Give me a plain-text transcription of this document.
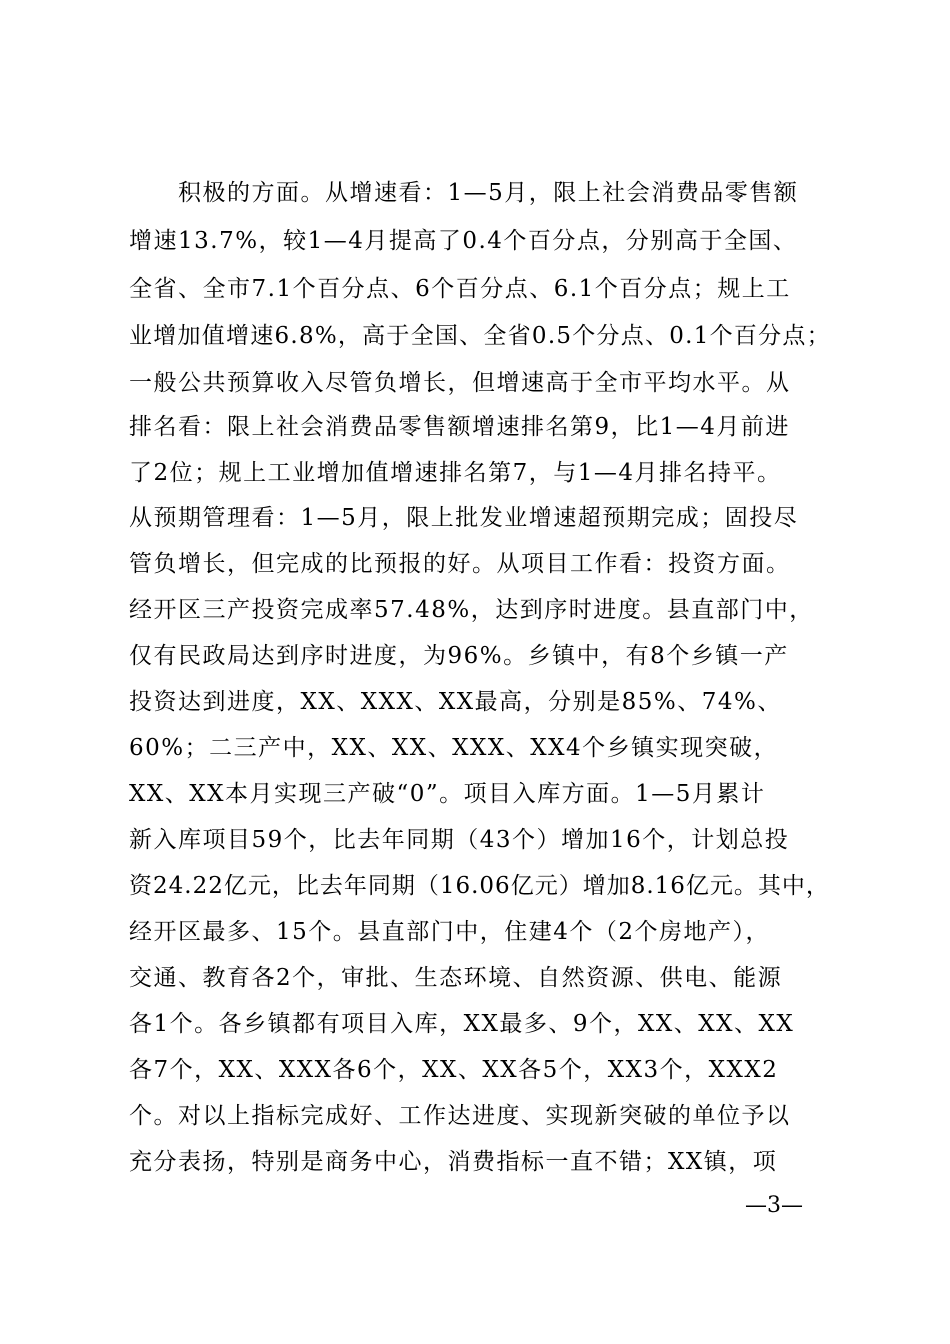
积极的方面。从增速看：1—5月，限上社会消费品零售额
增速13.7%，较1—4月提高了0.4个百分点，分别高于全国、
全省、全市7.1个百分点、6个百分点、6.1个百分点；规上工
业增加值增速6.8%，高于全国、全省0.5个分点、0.1个百分点；
一般公共预算收入尽管负增长，但增速高于全市平均水平。从
排名看：限上社会消费品零售额增速排名第9，比1—4月前进
了2位；规上工业增加值增速排名第7，与1—4月排名持平。
从预期管理看：1—5月，限上批发业增速超预期完成；固投尽
管负增长，但完成的比预报的好。从项目工作看：投资方面。
经开区三产投资完成率57.48%，达到序时进度。县直部门中，
仅有民政局达到序时进度，为96%。乡镇中，有8个乡镇一产
投资达到进度，XX、XXX、XX最高，分别是85%、74%、
60%；二三产中，XX、XX、XXX、XX4个乡镇实现突破，
XX、XX本月实现三产破“0”。项目入库方面。1—5月累计
新入库项目59个，比去年同期（43个）增加16个，计划总投
资24.22亿元，比去年同期（16.06亿元）增加8.16亿元。其中，
经开区最多、15个。县直部门中，住建4个（2个房地产），
交通、教育各2个，审批、生态环境、自然资源、供电、能源
各1个。各乡镇都有项目入库，XX最多、9个，XX、XX、XX
各7个，XX、XXX各6个，XX、XX各5个，XX3个，XXX2
个。对以上指标完成好、工作达进度、实现新突破的单位予以
充分表扬，特别是商务中心，消费指标一直不错；XX镇，项
—3—
